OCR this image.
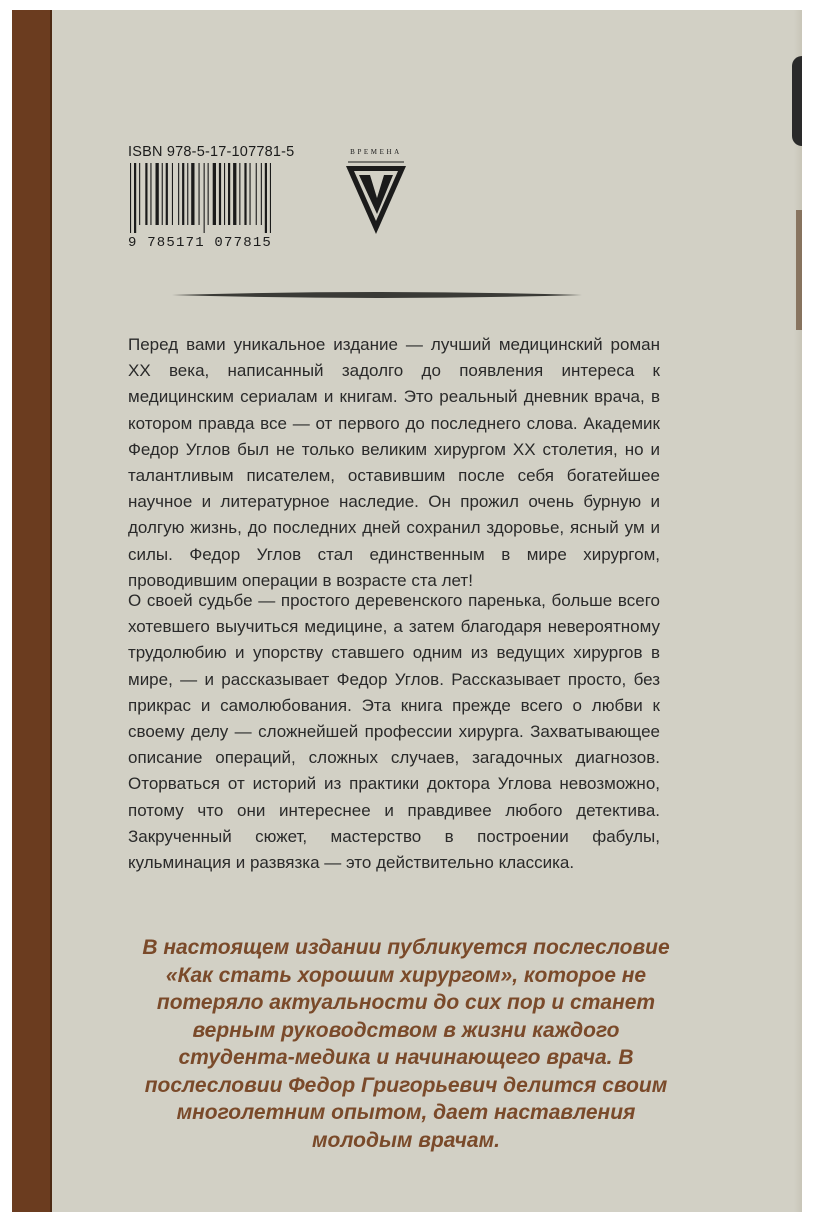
ISBN 978-5-17-107781-5
9 785171 077815
ВРЕМЕНА

Перед вами уникальное издание — лучший медицинский роман XX века, написанный задолго до появления интереса к медицинским сериалам и книгам. Это реальный дневник врача, в котором правда все — от первого до последнего слова. Академик Федор Углов был не только великим хирургом XX столетия, но и талантливым писателем, оставившим после себя богатейшее научное и литературное наследие. Он прожил очень бурную и долгую жизнь, до последних дней сохранил здоровье, ясный ум и силы. Федор Углов стал единственным в мире хирургом, проводившим операции в возрасте ста лет!

О своей судьбе — простого деревенского паренька, больше всего хотевшего выучиться медицине, а затем благодаря невероятному трудолюбию и упорству ставшего одним из ведущих хирургов в мире, — и рассказывает Федор Углов. Рассказывает просто, без прикрас и самолюбования. Эта книга прежде всего о любви к своему делу — сложнейшей профессии хирурга. Захватывающее описание операций, сложных случаев, загадочных диагнозов. Оторваться от историй из практики доктора Углова невозможно, потому что они интереснее и правдивее любого детектива. Закрученный сюжет, мастерство в построении фабулы, кульминация и развязка — это действительно классика.

В настоящем издании публикуется послесловие «Как стать хорошим хирургом», которое не потеряло актуальности до сих пор и станет верным руководством в жизни каждого студента-медика и начинающего врача. В послесловии Федор Григорьевич делится своим многолетним опытом, дает наставления молодым врачам.
